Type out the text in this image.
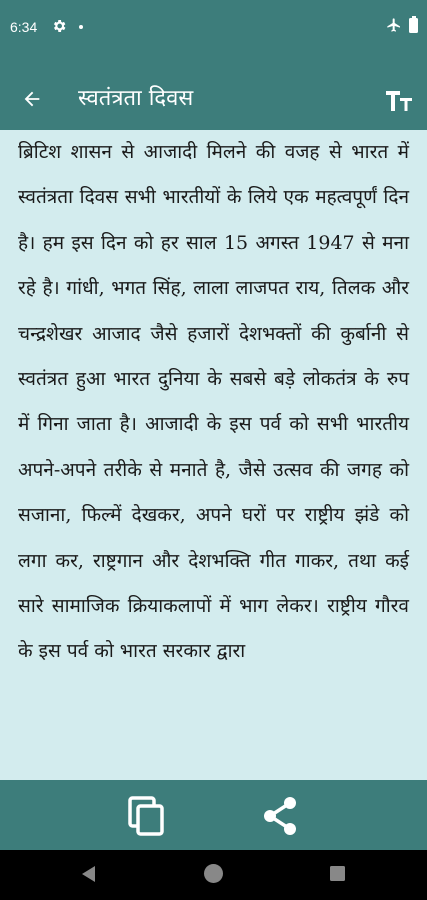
6:34
स्वतंत्रता दिवस

ब्रिटिश शासन से आजादी मिलने की वजह से भारत में स्वतंत्रता दिवस सभी भारतीयों के लिये एक महत्वपूर्णं दिन है। हम इस दिन को हर साल 15 अगस्त 1947 से मना रहे है। गांधी, भगत सिंह, लाला लाजपत राय, तिलक और चन्द्रशेखर आजाद जैसे हजारों देशभक्तों की कुर्बानी से स्वतंत्रत हुआ भारत दुनिया के सबसे बड़े लोकतंत्र के रुप में गिना जाता है। आजादी के इस पर्व को सभी भारतीय अपने-अपने तरीके से मनाते है, जैसे उत्सव की जगह को सजाना, फिल्में देखकर, अपने घरों पर राष्ट्रीय झंडे को लगा कर, राष्ट्रगान और देशभक्ति गीत गाकर, तथा कई सारे सामाजिक क्रियाकलापों में भाग लेकर। राष्ट्रीय गौरव के इस पर्व को भारत सरकार द्वारा
